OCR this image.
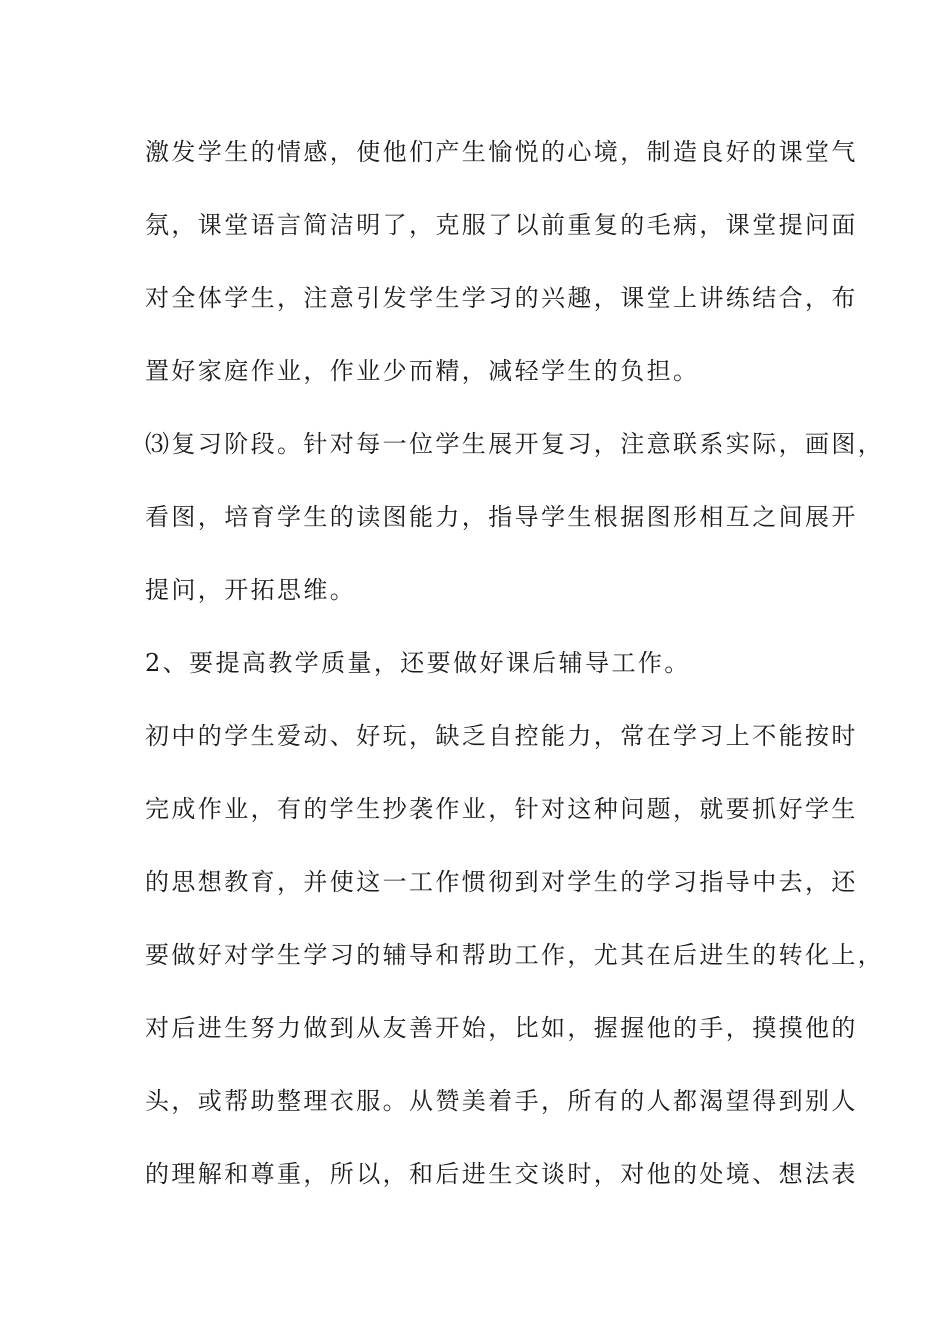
激发学生的情感，使他们产生愉悦的心境，制造良好的课堂气
氛，课堂语言简洁明了，克服了以前重复的毛病，课堂提问面
对全体学生，注意引发学生学习的兴趣，课堂上讲练结合，布
置好家庭作业，作业少而精，减轻学生的负担。
⑶复习阶段。针对每一位学生展开复习，注意联系实际，画图，
看图，培育学生的读图能力，指导学生根据图形相互之间展开
提问，开拓思维。
2、要提高教学质量，还要做好课后辅导工作。
初中的学生爱动、好玩，缺乏自控能力，常在学习上不能按时
完成作业，有的学生抄袭作业，针对这种问题，就要抓好学生
的思想教育，并使这一工作惯彻到对学生的学习指导中去，还
要做好对学生学习的辅导和帮助工作，尤其在后进生的转化上，
对后进生努力做到从友善开始，比如，握握他的手，摸摸他的
头，或帮助整理衣服。从赞美着手，所有的人都渴望得到别人
的理解和尊重，所以，和后进生交谈时，对他的处境、想法表
